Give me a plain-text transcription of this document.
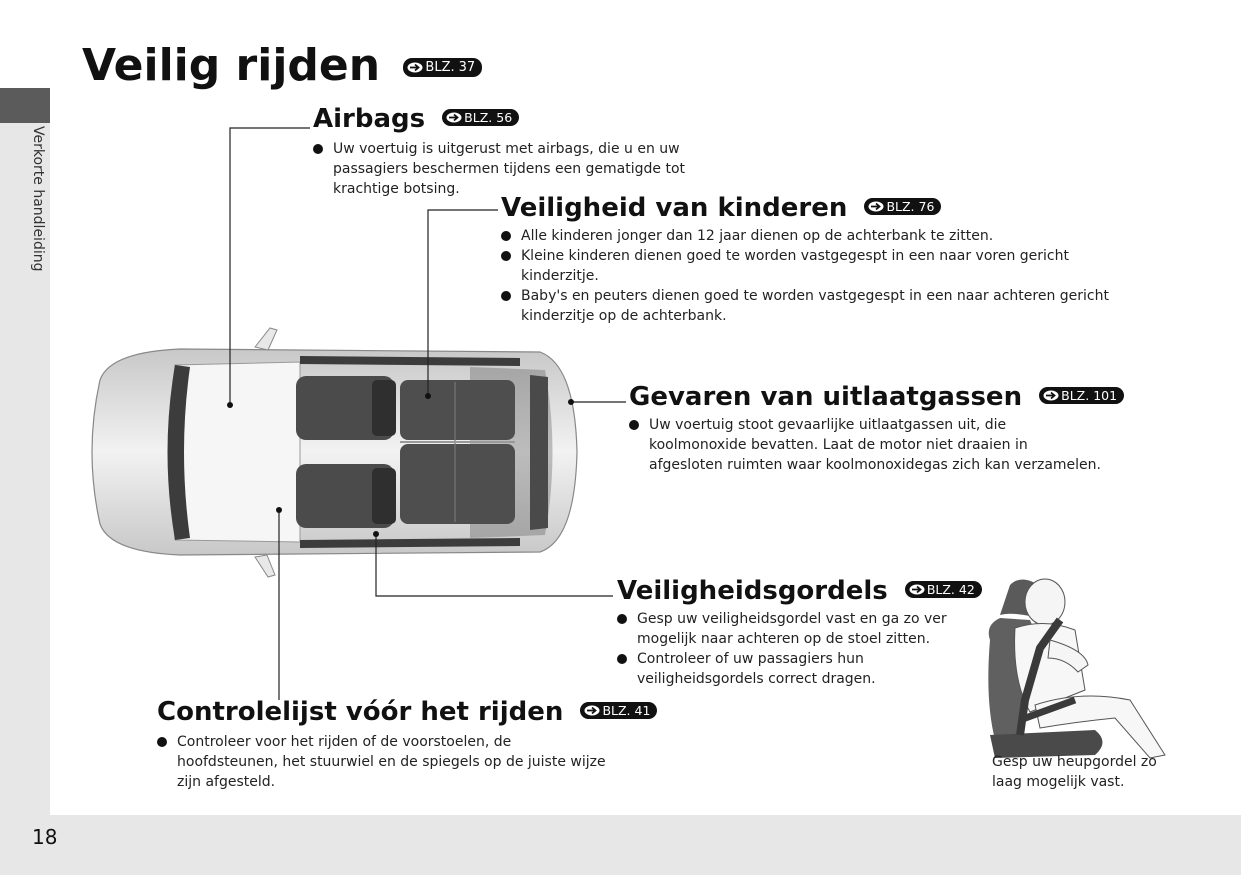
Verkorte handleiding
18
Veilig rijden	BLZ. 37
Airbags	BLZ. 56
Uw voertuig is uitgerust met airbags, die u en uw passagiers beschermen tijdens een gematigde tot krachtige botsing.
Veiligheid van kinderen	BLZ. 76
Alle kinderen jonger dan 12 jaar dienen op de achterbank te zitten.
Kleine kinderen dienen goed te worden vastgegespt in een naar voren gericht kinderzitje.
Baby's en peuters dienen goed te worden vastgegespt in een naar achteren gericht kinderzitje op de achterbank.
Gevaren van uitlaatgassen	BLZ. 101
Uw voertuig stoot gevaarlijke uitlaatgassen uit, die koolmonoxide bevatten. Laat de motor niet draaien in afgesloten ruimten waar koolmonoxidegas zich kan verzamelen.
Veiligheidsgordels	BLZ. 42
Gesp uw veiligheidsgordel vast en ga zo ver mogelijk naar achteren op de stoel zitten.
Controleer of uw passagiers hun veiligheidsgordels correct dragen.
Controlelijst vóór het rijden	BLZ. 41
Controleer voor het rijden of de voorstoelen, de hoofdsteunen, het stuurwiel en de spiegels op de juiste wijze zijn afgesteld.
Gesp uw heupgordel zo laag mogelijk vast.
